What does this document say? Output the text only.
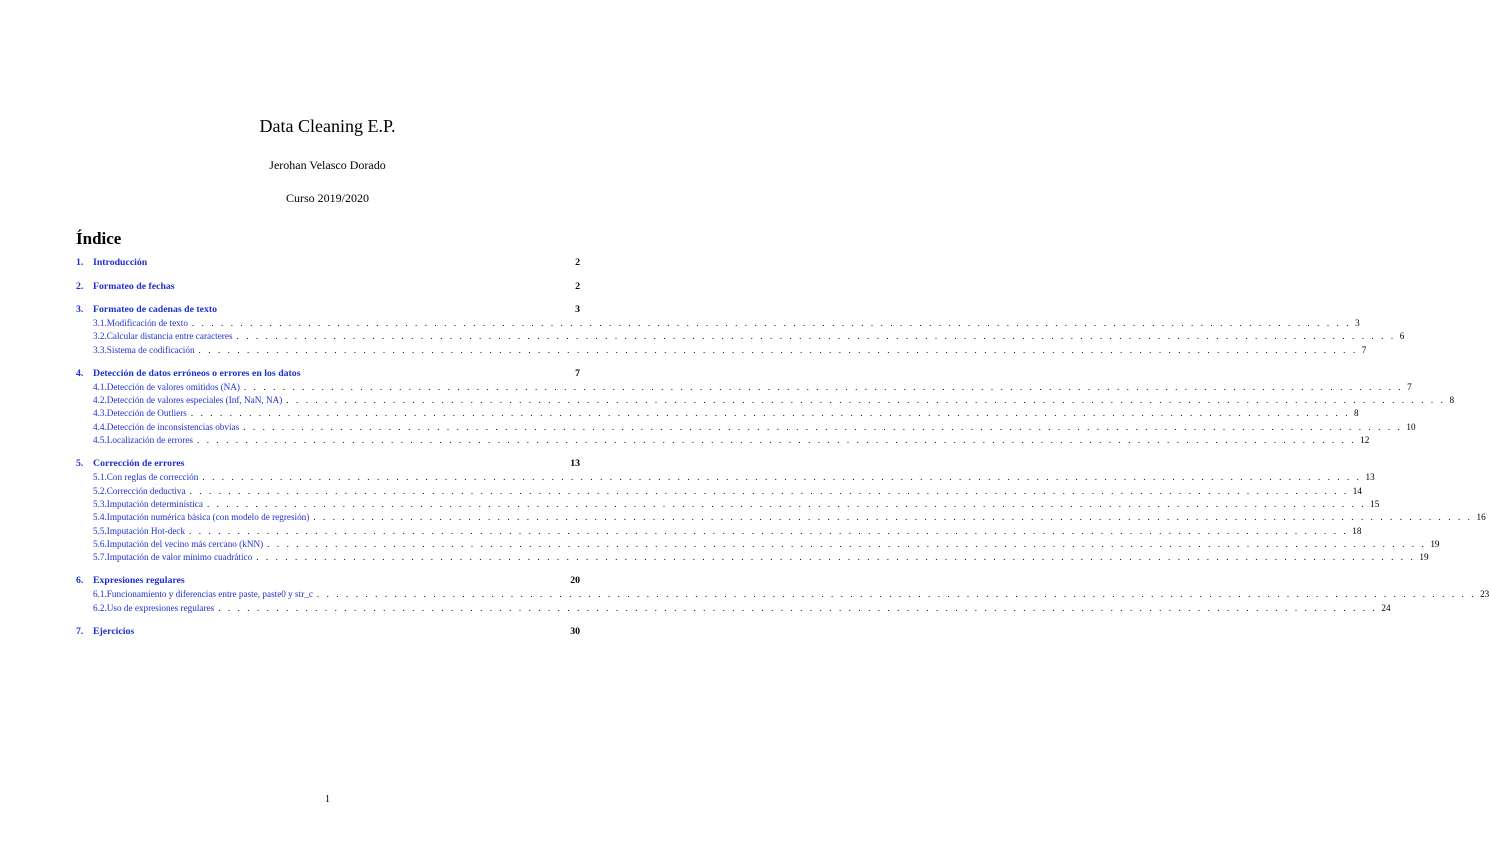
Data Cleaning E.P.
Jerohan Velasco Dorado
Curso 2019/2020
Índice
1. Introducción	2
2. Formateo de fechas	2
3. Formateo de cadenas de texto	3
3.1. Modificación de texto . . . . . . . . . . . . . . . . . . . . . . . . . . . . . . . . . . . . . . . . . . . . . . . . . . . . . . . . . . . . . . . . . . . . . . . . . . . . . . . . . . . . . . . . . . . . . . . . . . . . . . . . . . . . . . . . . . . . . . . . 3
3.2. Calcular distancia entre caracteres . . . . . . . . . . . . . . . . . . . . . . . . . . . . . . . . . . . . . . . . . . . . . . . . . . . . . . . . . . . . . . . . . . . . . . . . . . . . . . . . . . . . . . . . . . . . . . . . . . . . . . . . . . . . . . . . . . . . . . . . 6
3.3. Sistema de codificación . . . . . . . . . . . . . . . . . . . . . . . . . . . . . . . . . . . . . . . . . . . . . . . . . . . . . . . . . . . . . . . . . . . . . . . . . . . . . . . . . . . . . . . . . . . . . . . . . . . . . . . . . . . . . . . . . . . . . . . . 7
4. Detección de datos erróneos o errores en los datos	7
4.1. Detección de valores omitidos (NA) . . . . . . . . . . . . . . . . . . . . . . . . . . . . . . . . . . . . . . . . . . . . . . . . . . . . . . . . . . . . . . . . . . . . . . . . . . . . . . . . . . . . . . . . . . . . . . . . . . . . . . . . . . . . . . . . . . . . . . . . 7
4.2. Detección de valores especiales (Inf, NaN, NA) . . . . . . . . . . . . . . . . . . . . . . . . . . . . . . . . . . . . . . . . . . . . . . . . . . . . . . . . . . . . . . . . . . . . . . . . . . . . . . . . . . . . . . . . . . . . . . . . . . . . . . . . . . . . . . . . . . . . . . . . 8
4.3. Detección de Outliers . . . . . . . . . . . . . . . . . . . . . . . . . . . . . . . . . . . . . . . . . . . . . . . . . . . . . . . . . . . . . . . . . . . . . . . . . . . . . . . . . . . . . . . . . . . . . . . . . . . . . . . . . . . . . . . . . . . . . . . . 8
4.4. Detección de inconsistencias obvias . . . . . . . . . . . . . . . . . . . . . . . . . . . . . . . . . . . . . . . . . . . . . . . . . . . . . . . . . . . . . . . . . . . . . . . . . . . . . . . . . . . . . . . . . . . . . . . . . . . . . . . . . . . . . . . . . . . . . . . . 10
4.5. Localización de errores . . . . . . . . . . . . . . . . . . . . . . . . . . . . . . . . . . . . . . . . . . . . . . . . . . . . . . . . . . . . . . . . . . . . . . . . . . . . . . . . . . . . . . . . . . . . . . . . . . . . . . . . . . . . . . . . . . . . . . . . 12
5. Corrección de errores	13
5.1. Con reglas de corrección . . . . . . . . . . . . . . . . . . . . . . . . . . . . . . . . . . . . . . . . . . . . . . . . . . . . . . . . . . . . . . . . . . . . . . . . . . . . . . . . . . . . . . . . . . . . . . . . . . . . . . . . . . . . . . . . . . . . . . . . 13
5.2. Corrección deductiva . . . . . . . . . . . . . . . . . . . . . . . . . . . . . . . . . . . . . . . . . . . . . . . . . . . . . . . . . . . . . . . . . . . . . . . . . . . . . . . . . . . . . . . . . . . . . . . . . . . . . . . . . . . . . . . . . . . . . . . . 14
5.3. Imputación determinística . . . . . . . . . . . . . . . . . . . . . . . . . . . . . . . . . . . . . . . . . . . . . . . . . . . . . . . . . . . . . . . . . . . . . . . . . . . . . . . . . . . . . . . . . . . . . . . . . . . . . . . . . . . . . . . . . . . . . . . . 15
5.4. Imputación numérica básica (con modelo de regresión) . . . . . . . . . . . . . . . . . . . . . . . . . . . . . . . . . . . . . . . . . . . . . . . . . . . . . . . . . . . . . . . . . . . . . . . . . . . . . . . . . . . . . . . . . . . . . . . . . . . . . . . . . . . . . . . . . . . . . . . . 16
5.5. Imputación Hot-deck . . . . . . . . . . . . . . . . . . . . . . . . . . . . . . . . . . . . . . . . . . . . . . . . . . . . . . . . . . . . . . . . . . . . . . . . . . . . . . . . . . . . . . . . . . . . . . . . . . . . . . . . . . . . . . . . . . . . . . . . 18
5.6. Imputación del vecino más cercano (kNN) . . . . . . . . . . . . . . . . . . . . . . . . . . . . . . . . . . . . . . . . . . . . . . . . . . . . . . . . . . . . . . . . . . . . . . . . . . . . . . . . . . . . . . . . . . . . . . . . . . . . . . . . . . . . . . . . . . . . . . . . 19
5.7. Imputación de valor mínimo cuadrático . . . . . . . . . . . . . . . . . . . . . . . . . . . . . . . . . . . . . . . . . . . . . . . . . . . . . . . . . . . . . . . . . . . . . . . . . . . . . . . . . . . . . . . . . . . . . . . . . . . . . . . . . . . . . . . . . . . . . . . . 19
6. Expresiones regulares	20
6.1. Funcionamiento y diferencias entre paste, paste0 y str_c . . . . . . . . . . . . . . . . . . . . . . . . . . . . . . . . . . . . . . . . . . . . . . . . . . . . . . . . . . . . . . . . . . . . . . . . . . . . . . . . . . . . . . . . . . . . . . . . . . . . . . . . . . . . . . . . . . . . . . . . 23
6.2. Uso de expresiones regulares . . . . . . . . . . . . . . . . . . . . . . . . . . . . . . . . . . . . . . . . . . . . . . . . . . . . . . . . . . . . . . . . . . . . . . . . . . . . . . . . . . . . . . . . . . . . . . . . . . . . . . . . . . . . . . . . . . . . . . . . 24
7. Ejercicios	30
1
